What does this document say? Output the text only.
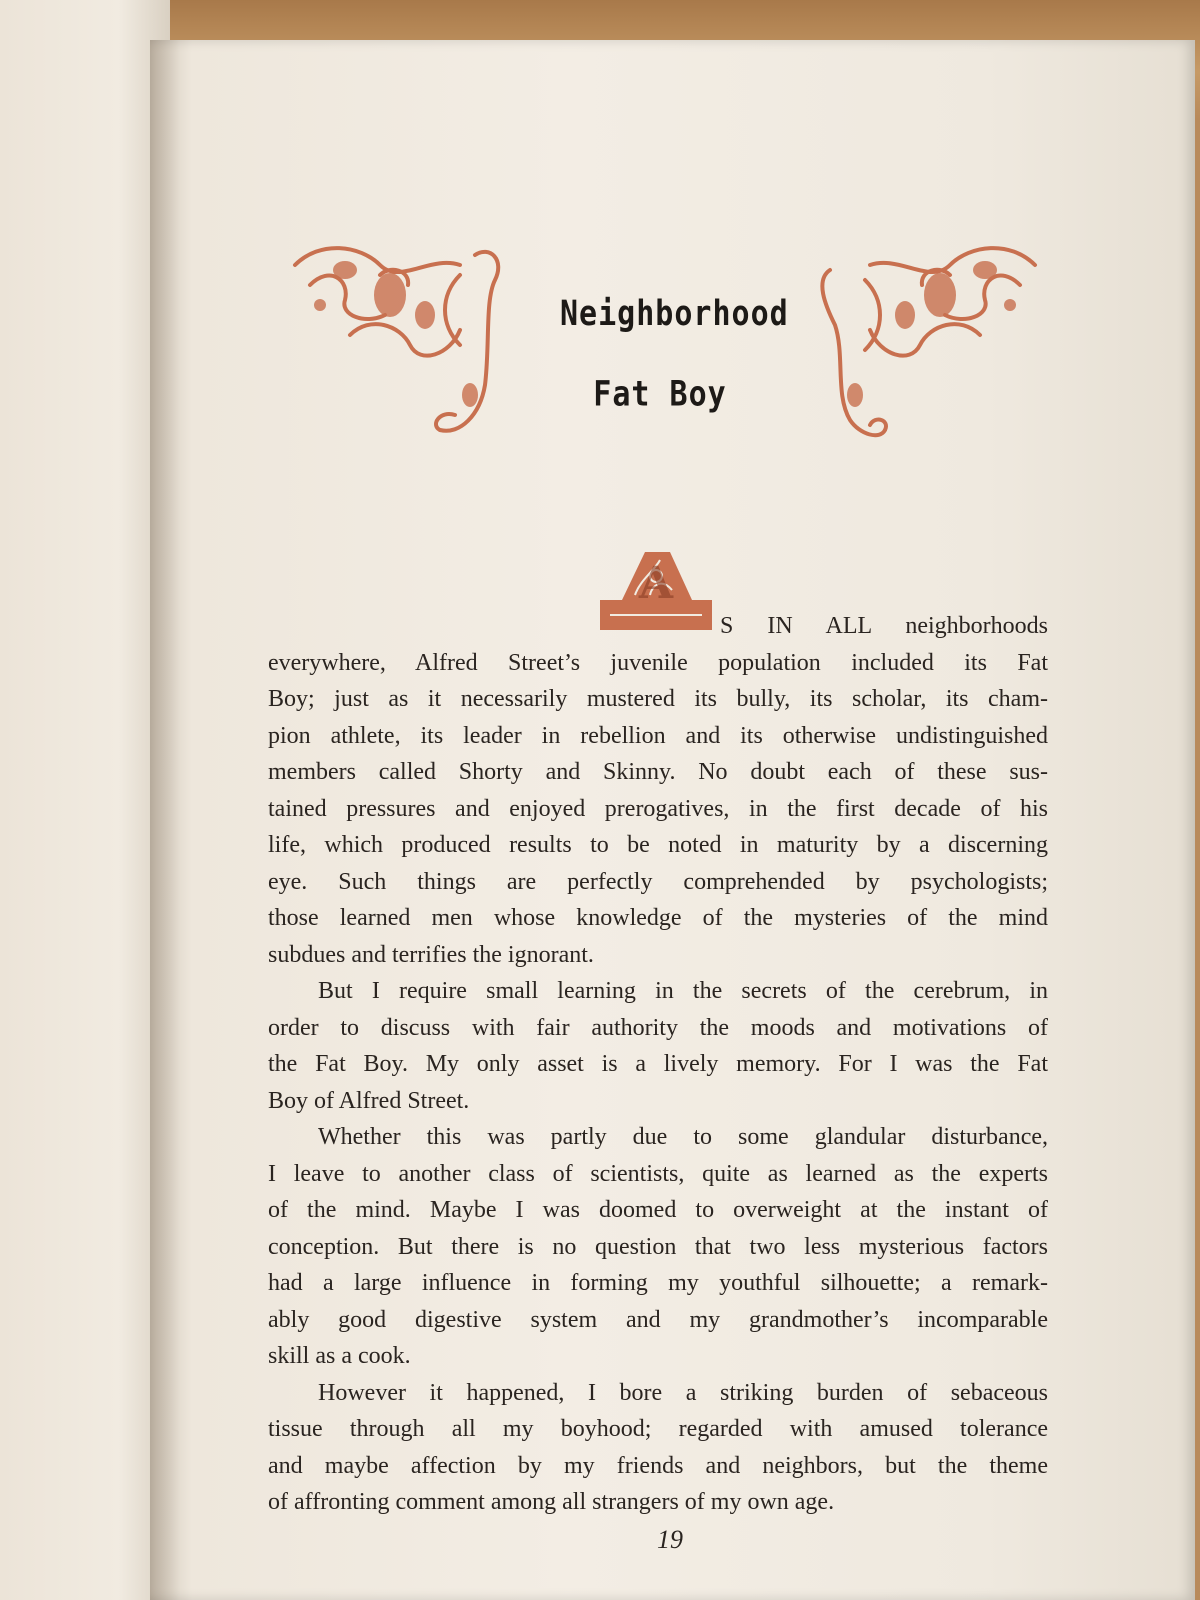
Neighborhood
Fat Boy
A
S IN ALL neighborhoods
everywhere, Alfred Street’s juvenile population included its Fat
Boy; just as it necessarily mustered its bully, its scholar, its cham-
pion athlete, its leader in rebellion and its otherwise undistinguished
members called Shorty and Skinny. No doubt each of these sus-
tained pressures and enjoyed prerogatives, in the first decade of his
life, which produced results to be noted in maturity by a discerning
eye. Such things are perfectly comprehended by psychologists;
those learned men whose knowledge of the mysteries of the mind
subdues and terrifies the ignorant.
But I require small learning in the secrets of the cerebrum, in
order to discuss with fair authority the moods and motivations of
the Fat Boy. My only asset is a lively memory. For I was the Fat
Boy of Alfred Street.
Whether this was partly due to some glandular disturbance,
I leave to another class of scientists, quite as learned as the experts
of the mind. Maybe I was doomed to overweight at the instant of
conception. But there is no question that two less mysterious factors
had a large influence in forming my youthful silhouette; a remark-
ably good digestive system and my grandmother’s incomparable
skill as a cook.
However it happened, I bore a striking burden of sebaceous
tissue through all my boyhood; regarded with amused tolerance
and maybe affection by my friends and neighbors, but the theme
of affronting comment among all strangers of my own age.
19
